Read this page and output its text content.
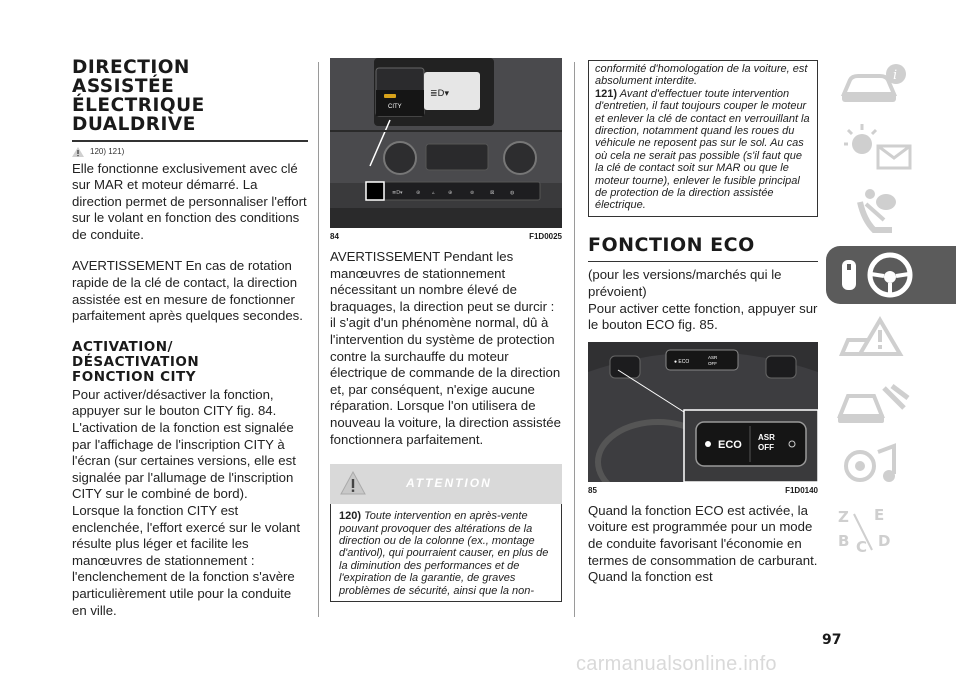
DIRECTION
ASSISTÉE
ÉLECTRIQUE
DUALDRIVE
120) 121)

Elle fonctionne exclusivement avec clé sur MAR et moteur démarré. La direction permet de personnaliser l'effort sur le volant en fonction des conditions de conduite.

AVERTISSEMENT En cas de rotation rapide de la clé de contact, la direction assistée est en mesure de fonctionner parfaitement après quelques secondes.

ACTIVATION/
DÉSACTIVATION
FONCTION CITY

Pour activer/désactiver la fonction, appuyer sur le bouton CITY fig. 84.

L'activation de la fonction est signalée par l'affichage de l'inscription CITY à l'écran (sur certaines versions, elle est signalée par l'allumage de l'inscription CITY sur le combiné de bord).

Lorsque la fonction CITY est enclenchée, l'effort exercé sur le volant résulte plus léger et facilite les manœuvres de stationnement : l'enclenchement de la fonction s'avère particulièrement utile pour la conduite en ville.

CITY
≣D▾
≣D▾	⊛ ▵	⊕	⊚	⊠	◍
84	F1D0025

AVERTISSEMENT Pendant les manœuvres de stationnement nécessitant un nombre élevé de braquages, la direction peut se durcir : il s'agit d'un phénomène normal, dû à l'intervention du système de protection contre la surchauffe du moteur électrique de commande de la direction et, par conséquent, n'exige aucune réparation. Lorsque l'on utilisera de nouveau la voiture, la direction assistée fonctionnera parfaitement.

ATTENTION

120) Toute intervention en après-vente pouvant provoquer des altérations de la direction ou de la colonne (ex., montage d'antivol), qui pourraient causer, en plus de la diminution des performances et de l'expiration de la garantie, de graves problèmes de sécurité, ainsi que la non-

conformité d'homologation de la voiture, est absolument interdite.

121) Avant d'effectuer toute intervention d'entretien, il faut toujours couper le moteur et enlever la clé de contact en verrouillant la direction, notamment quand les roues du véhicule ne reposent pas sur le sol. Au cas où cela ne serait pas possible (s'il faut que la clé de contact soit sur MAR ou que le moteur tourne), enlever le fusible principal de protection de la direction assistée électrique.

FONCTION ECO

(pour les versions/marchés qui le prévoient)

Pour activer cette fonction, appuyer sur le bouton ECO fig. 85.

● ECO
ASR
OFF
ECO
ASR
OFF
85	F1D0140

Quand la fonction ECO est activée, la voiture est programmée pour un mode de conduite favorisant l'économie en termes de consommation de carburant. Quand la fonction est

i
Z E
B C D
97
carmanualsonline.info
